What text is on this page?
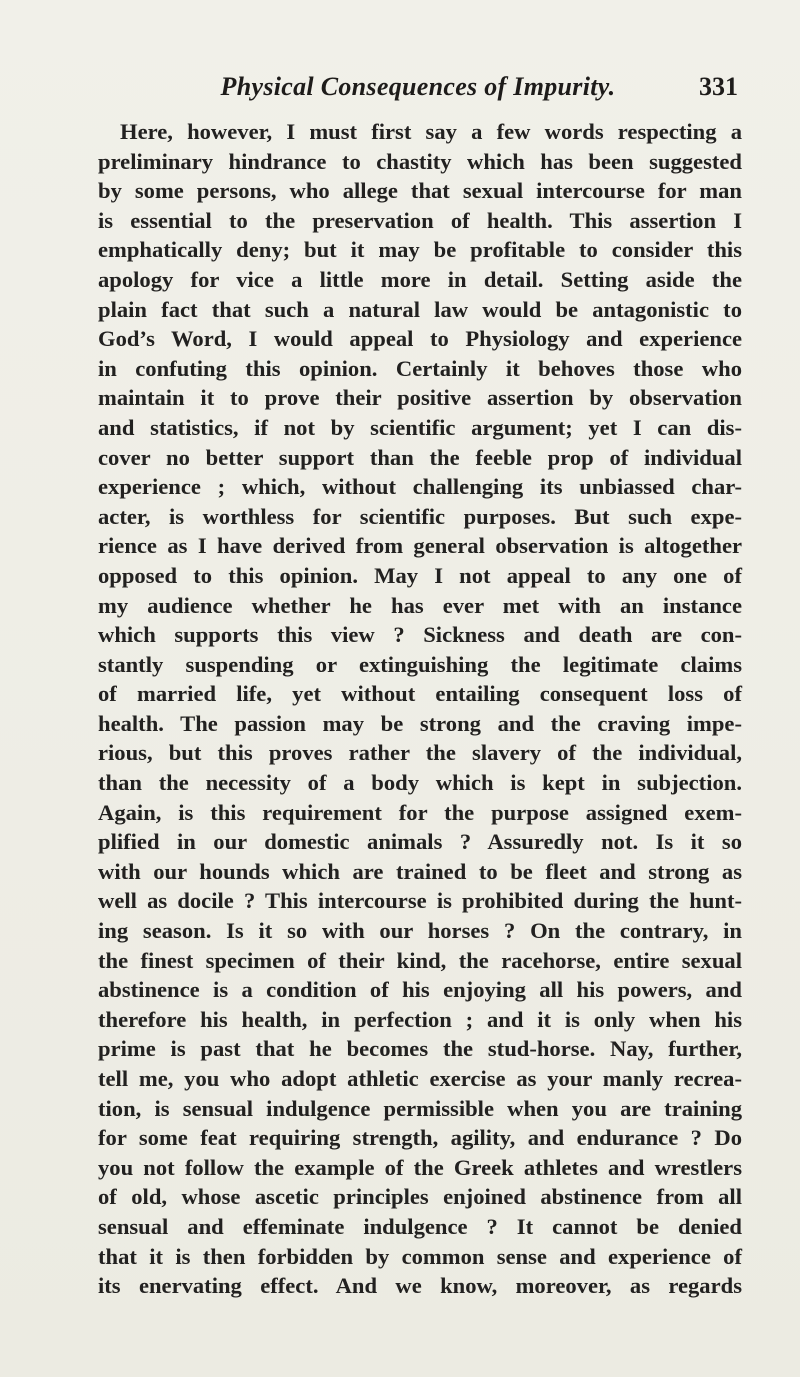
Physical Consequences of Impurity.	331
Here, however, I must first say a few words respecting a
preliminary hindrance to chastity which has been suggested
by some persons, who allege that sexual intercourse for man
is essential to the preservation of health. This assertion I
emphatically deny; but it may be profitable to consider this
apology for vice a little more in detail. Setting aside the
plain fact that such a natural law would be antagonistic to
God’s Word, I would appeal to Physiology and experience
in confuting this opinion. Certainly it behoves those who
maintain it to prove their positive assertion by observation
and statistics, if not by scientific argument; yet I can dis-
cover no better support than the feeble prop of individual
experience ; which, without challenging its unbiassed char-
acter, is worthless for scientific purposes. But such expe-
rience as I have derived from general observation is altogether
opposed to this opinion. May I not appeal to any one of
my audience whether he has ever met with an instance
which supports this view ? Sickness and death are con-
stantly suspending or extinguishing the legitimate claims
of married life, yet without entailing consequent loss of
health. The passion may be strong and the craving impe-
rious, but this proves rather the slavery of the individual,
than the necessity of a body which is kept in subjection.
Again, is this requirement for the purpose assigned exem-
plified in our domestic animals ? Assuredly not. Is it so
with our hounds which are trained to be fleet and strong as
well as docile ? This intercourse is prohibited during the hunt-
ing season. Is it so with our horses ? On the contrary, in
the finest specimen of their kind, the racehorse, entire sexual
abstinence is a condition of his enjoying all his powers, and
therefore his health, in perfection ; and it is only when his
prime is past that he becomes the stud-horse. Nay, further,
tell me, you who adopt athletic exercise as your manly recrea-
tion, is sensual indulgence permissible when you are training
for some feat requiring strength, agility, and endurance ? Do
you not follow the example of the Greek athletes and wrestlers
of old, whose ascetic principles enjoined abstinence from all
sensual and effeminate indulgence ? It cannot be denied
that it is then forbidden by common sense and experience of
its enervating effect. And we know, moreover, as regards
